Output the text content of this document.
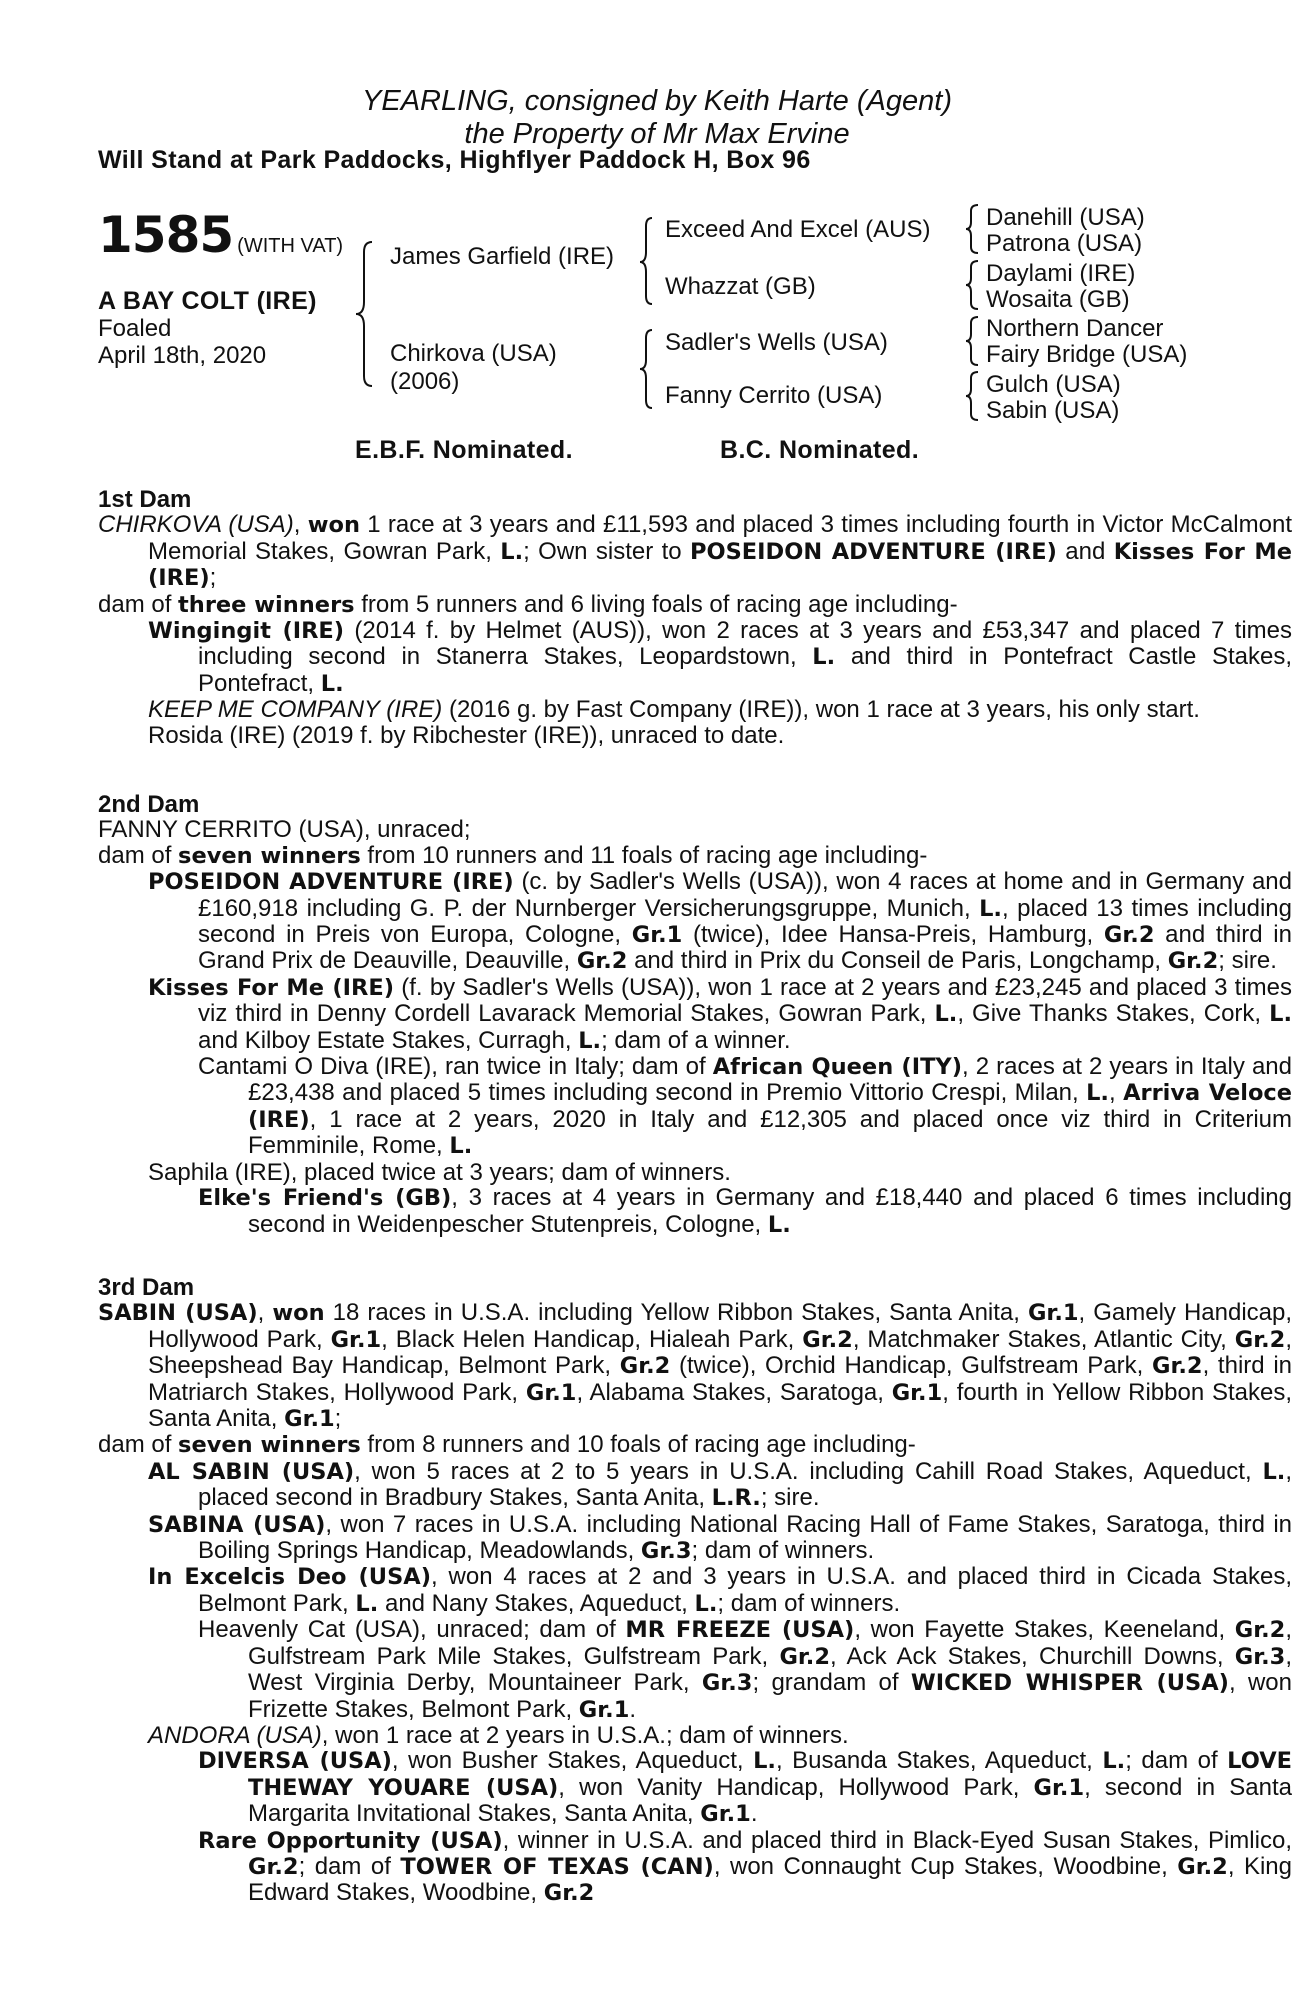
YEARLING, consigned by Keith Harte (Agent)
the Property of Mr Max Ervine
Will Stand at Park Paddocks, Highflyer Paddock H, Box 96
1585 (WITH VAT)
A BAY COLT (IRE)
Foaled
April 18th, 2020
James Garfield (IRE)
Chirkova (USA)
(2006)
Exceed And Excel (AUS)
Whazzat (GB)
Sadler's Wells (USA)
Fanny Cerrito (USA)
Danehill (USA)
Patrona (USA)
Daylami (IRE)
Wosaita (GB)
Northern Dancer
Fairy Bridge (USA)
Gulch (USA)
Sabin (USA)
E.B.F. Nominated.	B.C. Nominated.
1st Dam
CHIRKOVA (USA), won 1 race at 3 years and £11,593 and placed 3 times including fourth in Victor McCalmont Memorial Stakes, Gowran Park, L.; Own sister to POSEIDON ADVENTURE (IRE) and Kisses For Me (IRE);
dam of three winners from 5 runners and 6 living foals of racing age including-
Wingingit (IRE) (2014 f. by Helmet (AUS)), won 2 races at 3 years and £53,347 and placed 7 times including second in Stanerra Stakes, Leopardstown, L. and third in Pontefract Castle Stakes, Pontefract, L.
KEEP ME COMPANY (IRE) (2016 g. by Fast Company (IRE)), won 1 race at 3 years, his only start.
Rosida (IRE) (2019 f. by Ribchester (IRE)), unraced to date.
2nd Dam
FANNY CERRITO (USA), unraced;
dam of seven winners from 10 runners and 11 foals of racing age including-
POSEIDON ADVENTURE (IRE) (c. by Sadler's Wells (USA)), won 4 races at home and in Germany and £160,918 including G. P. der Nurnberger Versicherungsgruppe, Munich, L., placed 13 times including second in Preis von Europa, Cologne, Gr.1 (twice), Idee Hansa-Preis, Hamburg, Gr.2 and third in Grand Prix de Deauville, Deauville, Gr.2 and third in Prix du Conseil de Paris, Longchamp, Gr.2; sire.
Kisses For Me (IRE) (f. by Sadler's Wells (USA)), won 1 race at 2 years and £23,245 and placed 3 times viz third in Denny Cordell Lavarack Memorial Stakes, Gowran Park, L., Give Thanks Stakes, Cork, L. and Kilboy Estate Stakes, Curragh, L.; dam of a winner.
Cantami O Diva (IRE), ran twice in Italy; dam of African Queen (ITY), 2 races at 2 years in Italy and £23,438 and placed 5 times including second in Premio Vittorio Crespi, Milan, L., Arriva Veloce (IRE), 1 race at 2 years, 2020 in Italy and £12,305 and placed once viz third in Criterium Femminile, Rome, L.
Saphila (IRE), placed twice at 3 years; dam of winners.
Elke's Friend's (GB), 3 races at 4 years in Germany and £18,440 and placed 6 times including second in Weidenpescher Stutenpreis, Cologne, L.
3rd Dam
SABIN (USA), won 18 races in U.S.A. including Yellow Ribbon Stakes, Santa Anita, Gr.1, Gamely Handicap, Hollywood Park, Gr.1, Black Helen Handicap, Hialeah Park, Gr.2, Matchmaker Stakes, Atlantic City, Gr.2, Sheepshead Bay Handicap, Belmont Park, Gr.2 (twice), Orchid Handicap, Gulfstream Park, Gr.2, third in Matriarch Stakes, Hollywood Park, Gr.1, Alabama Stakes, Saratoga, Gr.1, fourth in Yellow Ribbon Stakes, Santa Anita, Gr.1;
dam of seven winners from 8 runners and 10 foals of racing age including-
AL SABIN (USA), won 5 races at 2 to 5 years in U.S.A. including Cahill Road Stakes, Aqueduct, L., placed second in Bradbury Stakes, Santa Anita, L.R.; sire.
SABINA (USA), won 7 races in U.S.A. including National Racing Hall of Fame Stakes, Saratoga, third in Boiling Springs Handicap, Meadowlands, Gr.3; dam of winners.
In Excelcis Deo (USA), won 4 races at 2 and 3 years in U.S.A. and placed third in Cicada Stakes, Belmont Park, L. and Nany Stakes, Aqueduct, L.; dam of winners.
Heavenly Cat (USA), unraced; dam of MR FREEZE (USA), won Fayette Stakes, Keeneland, Gr.2, Gulfstream Park Mile Stakes, Gulfstream Park, Gr.2, Ack Ack Stakes, Churchill Downs, Gr.3, West Virginia Derby, Mountaineer Park, Gr.3; grandam of WICKED WHISPER (USA), won Frizette Stakes, Belmont Park, Gr.1.
ANDORA (USA), won 1 race at 2 years in U.S.A.; dam of winners.
DIVERSA (USA), won Busher Stakes, Aqueduct, L., Busanda Stakes, Aqueduct, L.; dam of LOVE THEWAY YOUARE (USA), won Vanity Handicap, Hollywood Park, Gr.1, second in Santa Margarita Invitational Stakes, Santa Anita, Gr.1.
Rare Opportunity (USA), winner in U.S.A. and placed third in Black-Eyed Susan Stakes, Pimlico, Gr.2; dam of TOWER OF TEXAS (CAN), won Connaught Cup Stakes, Woodbine, Gr.2, King Edward Stakes, Woodbine, Gr.2
